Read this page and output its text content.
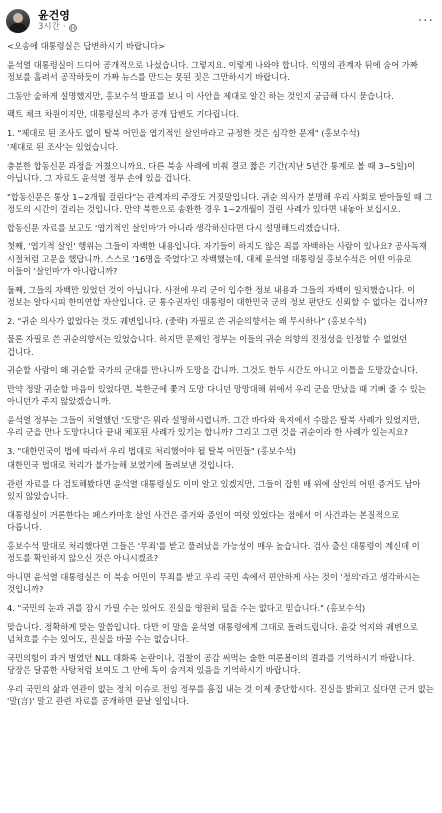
윤건영
3시간 ·	···

<오송에 대통령실은 답변하시기 바랍니다>

윤석열 대통령실이 드디어 공개적으로 나섰습니다. 그렇지요. 이렇게 나와야 합니다. 익명의 관계자 뒤에 숨어 가짜 정보를 흘려서 공작하듯이 가짜 뉴스를 만드는 못된 짓은 그만하시기 바랍니다.

그동안 숱하게 설명했지만, 홍보수석 발표를 보니 이 사안을 제대로 알긴 하는 것인지 궁금해 다시 묻습니다.

팩트 체크 차원이지만, 대통령실의 추가 공개 답변도 기다립니다.

1. "제대로 된 조사도 없이 탈북 어민을 엽기적인 살인마라고 규정한 것은 심각한 문제" (홍보수석)

'제대로 된 조사'는 있었습니다.

충분한 합동신문 과정을 거쳤으니까요. 다른 북송 사례에 비춰 결코 짧은 기간(지난 5년간 통계로 볼 때 3~5일)이 아닙니다. 그 자료도 윤석열 정부 손에 있을 겁니다.

"합동신문은 통상 1~2개월 걸린다"는 관계자의 주장도 거짓말입니다. 귀순 의사가 분명해 우리 사회로 받아들일 때 그 정도의 시간이 걸리는 것입니다. 만약 북한으로 송환한 경우 1~2개월이 걸린 사례가 있다면 내놓아 보십시오.

합동신문 자료를 보고도 '엽기적인 살인마'가 아니라 생각하신다면 다시 설명해드리겠습니다.

첫째, '엽기적 살인' 행위는 그들이 자백한 내용입니다. 자기들이 하지도 않은 죄를 자백하는 사람이 있나요? 공사독재 시절처럼 고문을 했답니까. 스스로 '16명을 죽였다'고 자백했는데, 대체 윤석열 대통령실 홍보수석은 어떤 이유로 이들이 '살인마'가 아니랍니까?

둘째, 그들의 자백만 있었던 것이 아닙니다. 사전에 우리 군이 입수한 정보 내용과 그들의 자백이 일치했습니다. 이 정보는 알다시피 한미연합 자산입니다. 군 통수권자인 대통령이 대한민국 군의 정보 판단도 신뢰할 수 없다는 겁니까?

2. "귀순 의사가 없었다는 것도 궤변입니다. (중략) 자필로 쓴 귀순의향서는 왜 무시하나" (홍보수석)

물론 자필로 쓴 귀순의향서는 있었습니다. 하지만 문제인 정부는 이들의 귀순 의향의 진정성을 인정할 수 없었던 겁니다.

귀순할 사람이 왜 귀순할 국가의 군대를 만나니까 도망을 갑니까. 그것도 한두 시간도 아니고 이틀을 도망갔습니다.

만약 정말 귀순할 마음이 있었다면, 북한군에 쫓겨 도망 다니던 망망대해 위에서 우리 군을 만났을 때 기뻐 줄 수 있는 아니던가 주지 않았겠습니까.

윤석열 정부는 그들이 치열했던 '도망'은 뭐라 설명하시렵니까. 그간 바다와 육지에서 수많은 탈북 사례가 있었지만, 우리 군을 만나 도망다니다 끝내 체포된 사례가 있기는 합니까? 그리고 그런 것을 귀순이라 한 사례가 있는지요?

3. "대한민국이 법에 따라서 우리 법대로 처리했어야 될 탈북 어민들" (홍보수석)

대한민국 법대로 처리가 불가능해 보였기에 돌려보낸 것입니다.

관련 자료를 다 검토해봤다면 윤석열 대통령실도 이미 알고 있겠지만, 그들이 잡힌 배 위에 살인의 어떤 증거도 남아 있지 않았습니다.

대통령실이 거론한다는 페스카마호 살인 사건은 증거와 증인이 여럿 있었다는 점에서 이 사건과는 본질적으로 다릅니다.

홍보수석 말대로 처리했다면 그들은 '무죄'를 받고 풀려났을 가능성이 매우 높습니다. 검사 출신 대통령이 계신데 이 정도를 확인하지 않으신 것은 아니시겠죠?

아니면 윤석열 대통령실은 이 북송 어민이 무죄를 받고 우리 국민 속에서 편안하게 사는 것이 '정의'라고 생각하시는 것입니까?

4. "국민의 눈과 귀를 잠시 가릴 수는 있어도 진실을 영원히 덮을 수는 없다고 믿습니다." (홍보수석)

맞습니다. 정확하게 맞는 말씀입니다. 다만 이 말을 윤석열 대통령에게 그대로 돌려드립니다. 윤갖 억지와 궤변으로 넘쳐흐를 수는 있어도, 진실을 바꿀 수는 없습니다.

국민의힘이 과거 벌였던 NLL 대화록 논란이나, 검찰이 공감 써먹는 술한 여론몰이의 결과를 기억하시기 바랍니다. 당장은 달콤한 사탕처럼 보여도 그 안에 독이 숨겨져 있음을 기억하시기 바랍니다.

우리 국민의 삶과 연관이 없는 정치 이슈로 전임 정부를 흠집 내는 것 이제 중단합시다. 진실을 밝히고 싶다면 근거 없는 '말(言)' 말고 관련 자료를 공개하면 끝날 일입니다.
